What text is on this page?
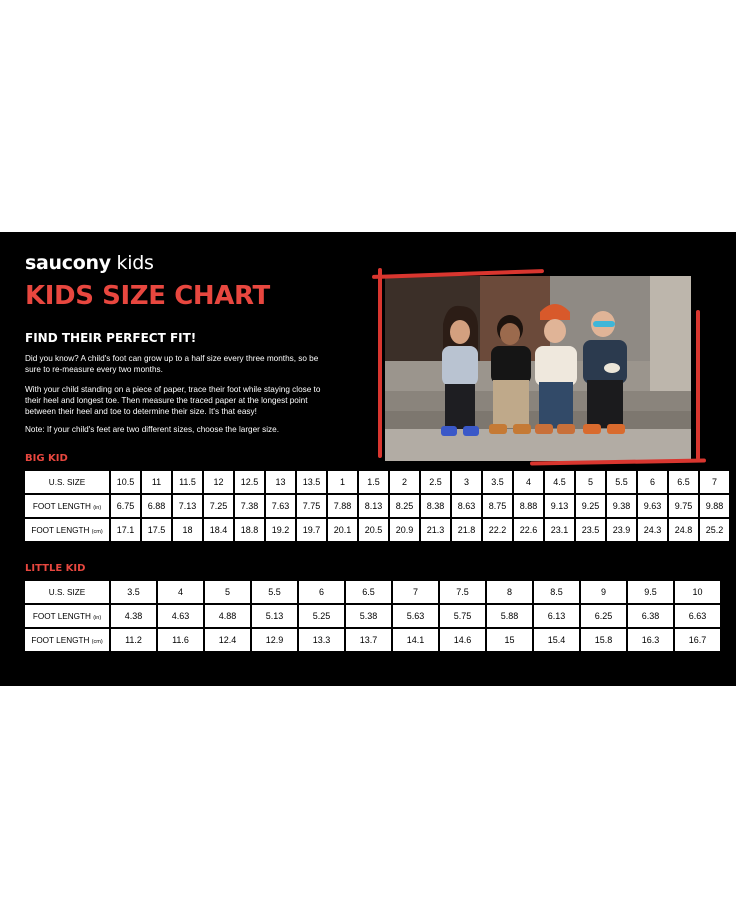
saucony kids
KIDS SIZE CHART
FIND THEIR PERFECT FIT!
Did you know? A child's foot can grow up to a half size every three months, so be sure to re-measure every two months.
With your child standing on a piece of paper, trace their foot while staying close to their heel and longest toe. Then measure the traced paper at the longest point between their heel and toe to determine their size. It's that easy!
Note: If your child's feet are two different sizes, choose the larger size.
BIG KID
U.S. SIZE	10.5	11	11.5	12	12.5	13	13.5	1	1.5	2	2.5	3	3.5	4	4.5	5	5.5	6	6.5	7
FOOT LENGTH (in)	6.75	6.88	7.13	7.25	7.38	7.63	7.75	7.88	8.13	8.25	8.38	8.63	8.75	8.88	9.13	9.25	9.38	9.63	9.75	9.88
FOOT LENGTH (cm)	17.1	17.5	18	18.4	18.8	19.2	19.7	20.1	20.5	20.9	21.3	21.8	22.2	22.6	23.1	23.5	23.9	24.3	24.8	25.2
LITTLE KID
U.S. SIZE	3.5	4	5	5.5	6	6.5	7	7.5	8	8.5	9	9.5	10
FOOT LENGTH (in)	4.38	4.63	4.88	5.13	5.25	5.38	5.63	5.75	5.88	6.13	6.25	6.38	6.63
FOOT LENGTH (cm)	11.2	11.6	12.4	12.9	13.3	13.7	14.1	14.6	15	15.4	15.8	16.3	16.7
